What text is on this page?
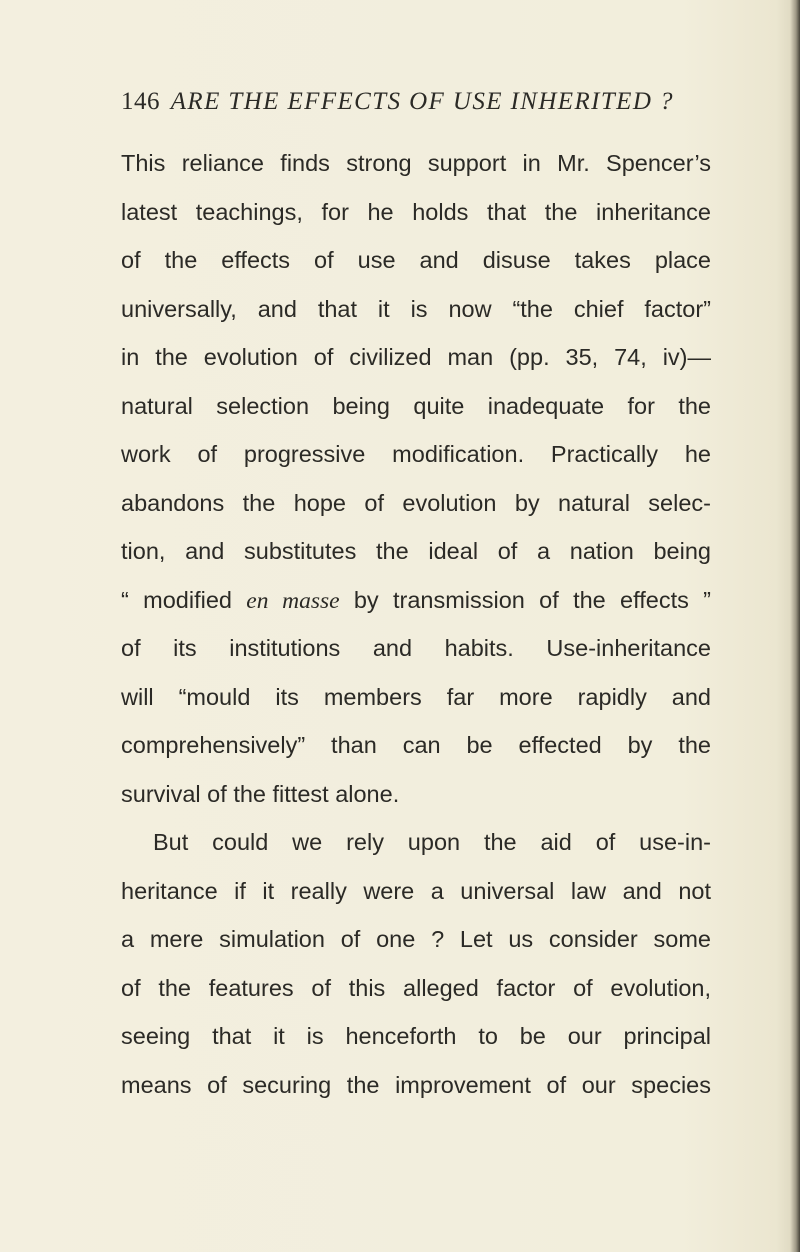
146 ARE THE EFFECTS OF USE INHERITED ?
This reliance finds strong support in Mr. Spencer’s
latest teachings, for he holds that the inheritance
of the effects of use and disuse takes place
universally, and that it is now “the chief factor”
in the evolution of civilized man (pp. 35, 74, iv)—
natural selection being quite inadequate for the
work of progressive modification. Practically he
abandons the hope of evolution by natural selec-
tion, and substitutes the ideal of a nation being
“ modified en masse by transmission of the effects ”
of its institutions and habits. Use-inheritance
will “mould its members far more rapidly and
comprehensively” than can be effected by the
survival of the fittest alone.
But could we rely upon the aid of use-in-
heritance if it really were a universal law and not
a mere simulation of one ? Let us consider some
of the features of this alleged factor of evolution,
seeing that it is henceforth to be our principal
means of securing the improvement of our species
